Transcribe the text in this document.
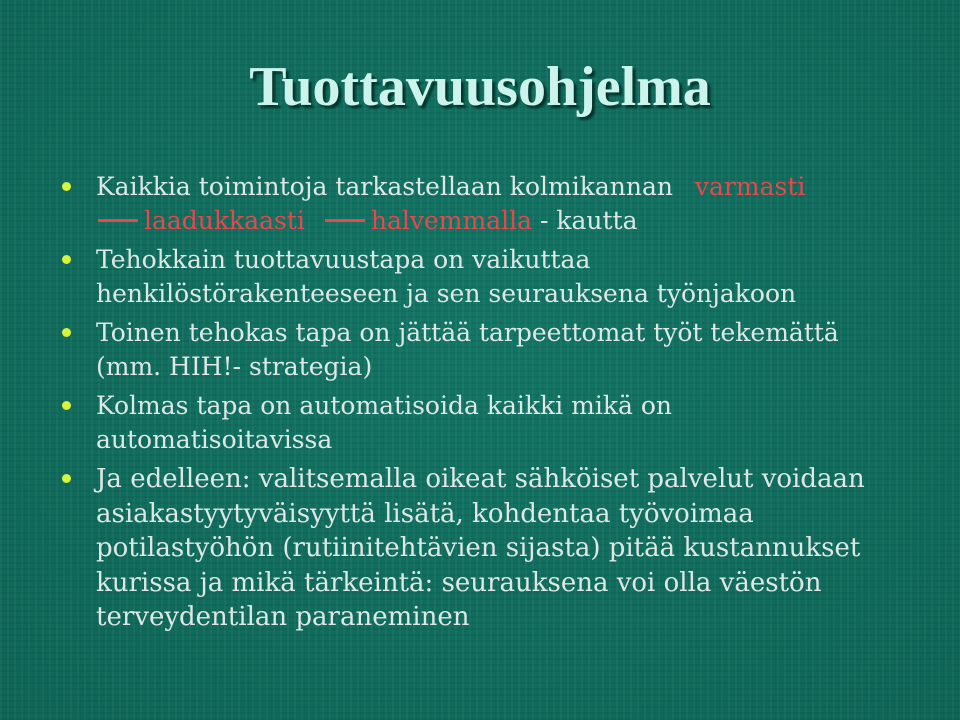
Tuottavuusohjelma
Kaikkia toimintoja tarkastellaan kolmikannan varmasti
laadukkaasti	halvemmalla - kautta
Tehokkain tuottavuustapa on vaikuttaa henkilöstörakenteeseen ja sen seurauksena työnjakoon
Toinen tehokas tapa on jättää tarpeettomat työt tekemättä (mm. HIH!- strategia)
Kolmas tapa on automatisoida kaikki mikä on automatisoitavissa
Ja edelleen: valitsemalla oikeat sähköiset palvelut voidaan asiakastyytyväisyyttä lisätä, kohdentaa työvoimaa potilastyöhön (rutiinitehtävien sijasta) pitää kustannukset kurissa ja mikä tärkeintä: seurauksena voi olla väestön terveydentilan paraneminen
